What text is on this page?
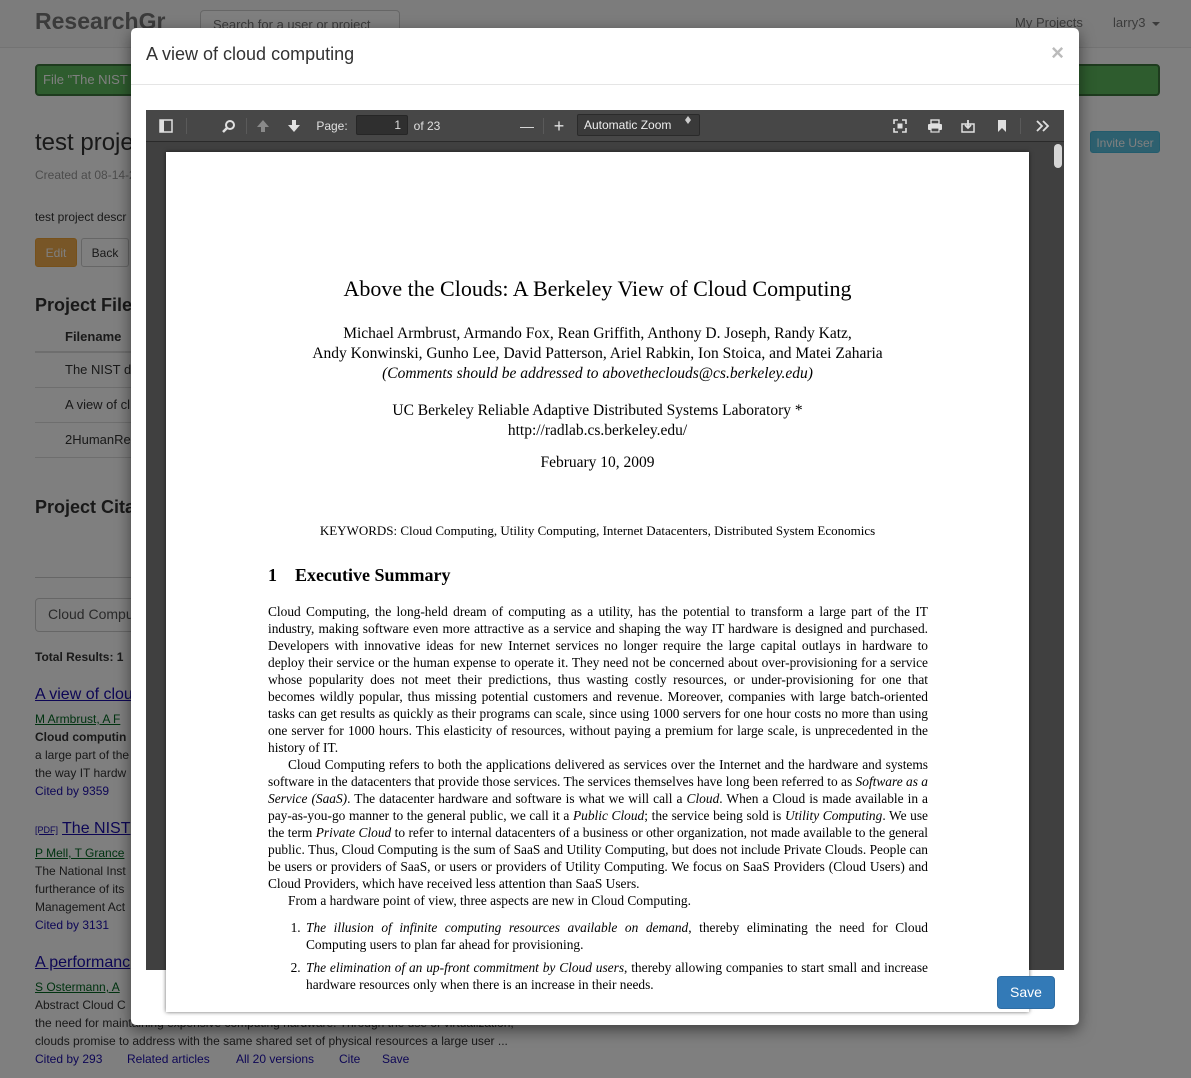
Search for a user or project
A view of cloud computing	×
Page:	1	of 23	— +	Automatic Zoom
Above the Clouds: A Berkeley View of Cloud Computing
Michael Armbrust, Armando Fox, Rean Griffith, Anthony D. Joseph, Randy Katz,
Andy Konwinski, Gunho Lee, David Patterson, Ariel Rabkin, Ion Stoica, and Matei Zaharia
(Comments should be addressed to abovetheclouds@cs.berkeley.edu)
UC Berkeley Reliable Adaptive Distributed Systems Laboratory *
http://radlab.cs.berkeley.edu/
February 10, 2009
KEYWORDS: Cloud Computing, Utility Computing, Internet Datacenters, Distributed System Economics
1 Executive Summary

Cloud Computing, the long-held dream of computing as a utility, has the potential to transform a large part of the IT industry, making software even more attractive as a service and shaping the way IT hardware is designed and purchased. Developers with innovative ideas for new Internet services no longer require the large capital outlays in hardware to deploy their service or the human expense to operate it. They need not be concerned about over-provisioning for a service whose popularity does not meet their predictions, thus wasting costly resources, or under-provisioning for one that becomes wildly popular, thus missing potential customers and revenue. Moreover, companies with large batch-oriented tasks can get results as quickly as their programs can scale, since using 1000 servers for one hour costs no more than using one server for 1000 hours. This elasticity of resources, without paying a premium for large scale, is unprecedented in the history of IT.

Cloud Computing refers to both the applications delivered as services over the Internet and the hardware and systems software in the datacenters that provide those services. The services themselves have long been referred to as Software as a Service (SaaS). The datacenter hardware and software is what we will call a Cloud. When a Cloud is made available in a pay-as-you-go manner to the general public, we call it a Public Cloud; the service being sold is Utility Computing. We use the term Private Cloud to refer to internal datacenters of a business or other organization, not made available to the general public. Thus, Cloud Computing is the sum of SaaS and Utility Computing, but does not include Private Clouds. People can be users or providers of SaaS, or users or providers of Utility Computing. We focus on SaaS Providers (Cloud Users) and Cloud Providers, which have received less attention than SaaS Users.

From a hardware point of view, three aspects are new in Cloud Computing.

1. The illusion of infinite computing resources available on demand, thereby eliminating the need for Cloud Computing users to plan far ahead for provisioning.
2. The elimination of an up-front commitment by Cloud users, thereby allowing companies to start small and increase hardware resources only when there is an increase in their needs.	Save
